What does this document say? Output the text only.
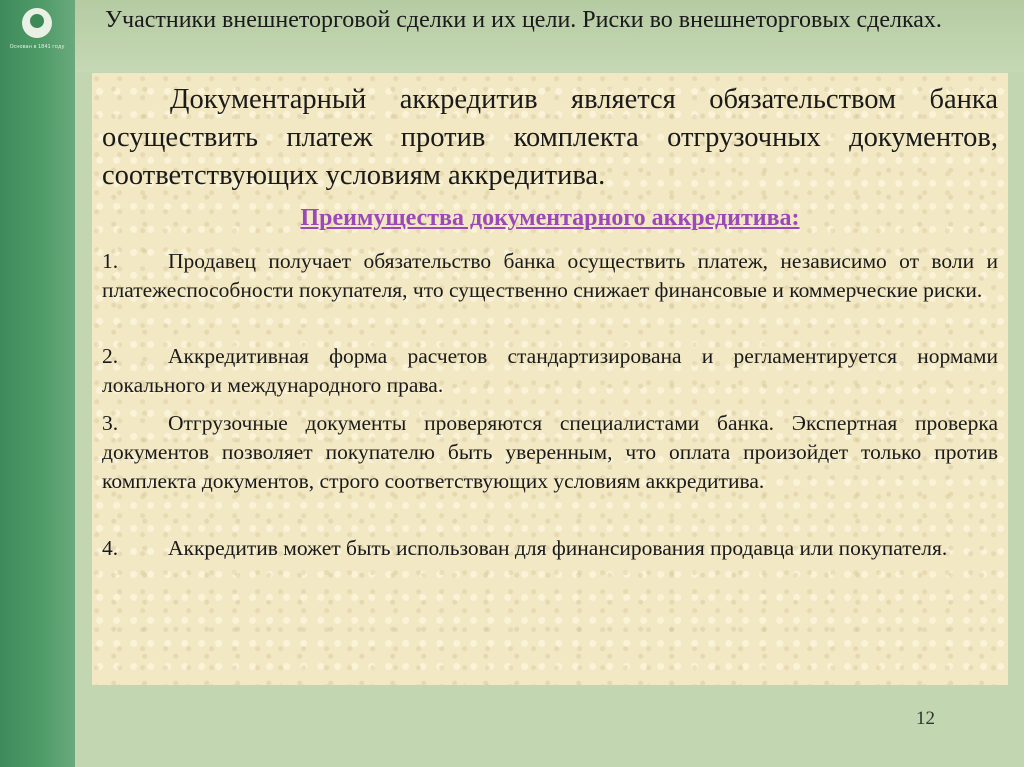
Основан в 1841 году
Участники внешнеторговой сделки и их цели. Риски во внешнеторговых сделках.

Документарный аккредитив является обязательством банка осуществить платеж против комплекта отгрузочных документов, соответствующих условиям аккредитива.

Преимущества документарного аккредитива:

1. Продавец получает обязательство банка осуществить платеж, независимо от воли и платежеспособности покупателя, что существенно снижает финансовые и коммерческие риски.

2. Аккредитивная форма расчетов стандартизирована и регламентируется нормами локального и международного права.

3. Отгрузочные документы проверяются специалистами банка. Экспертная проверка документов позволяет покупателю быть уверенным, что оплата произойдет только против комплекта документов, строго соответствующих условиям аккредитива.

4. Аккредитив может быть использован для финансирования продавца или покупателя.

12
